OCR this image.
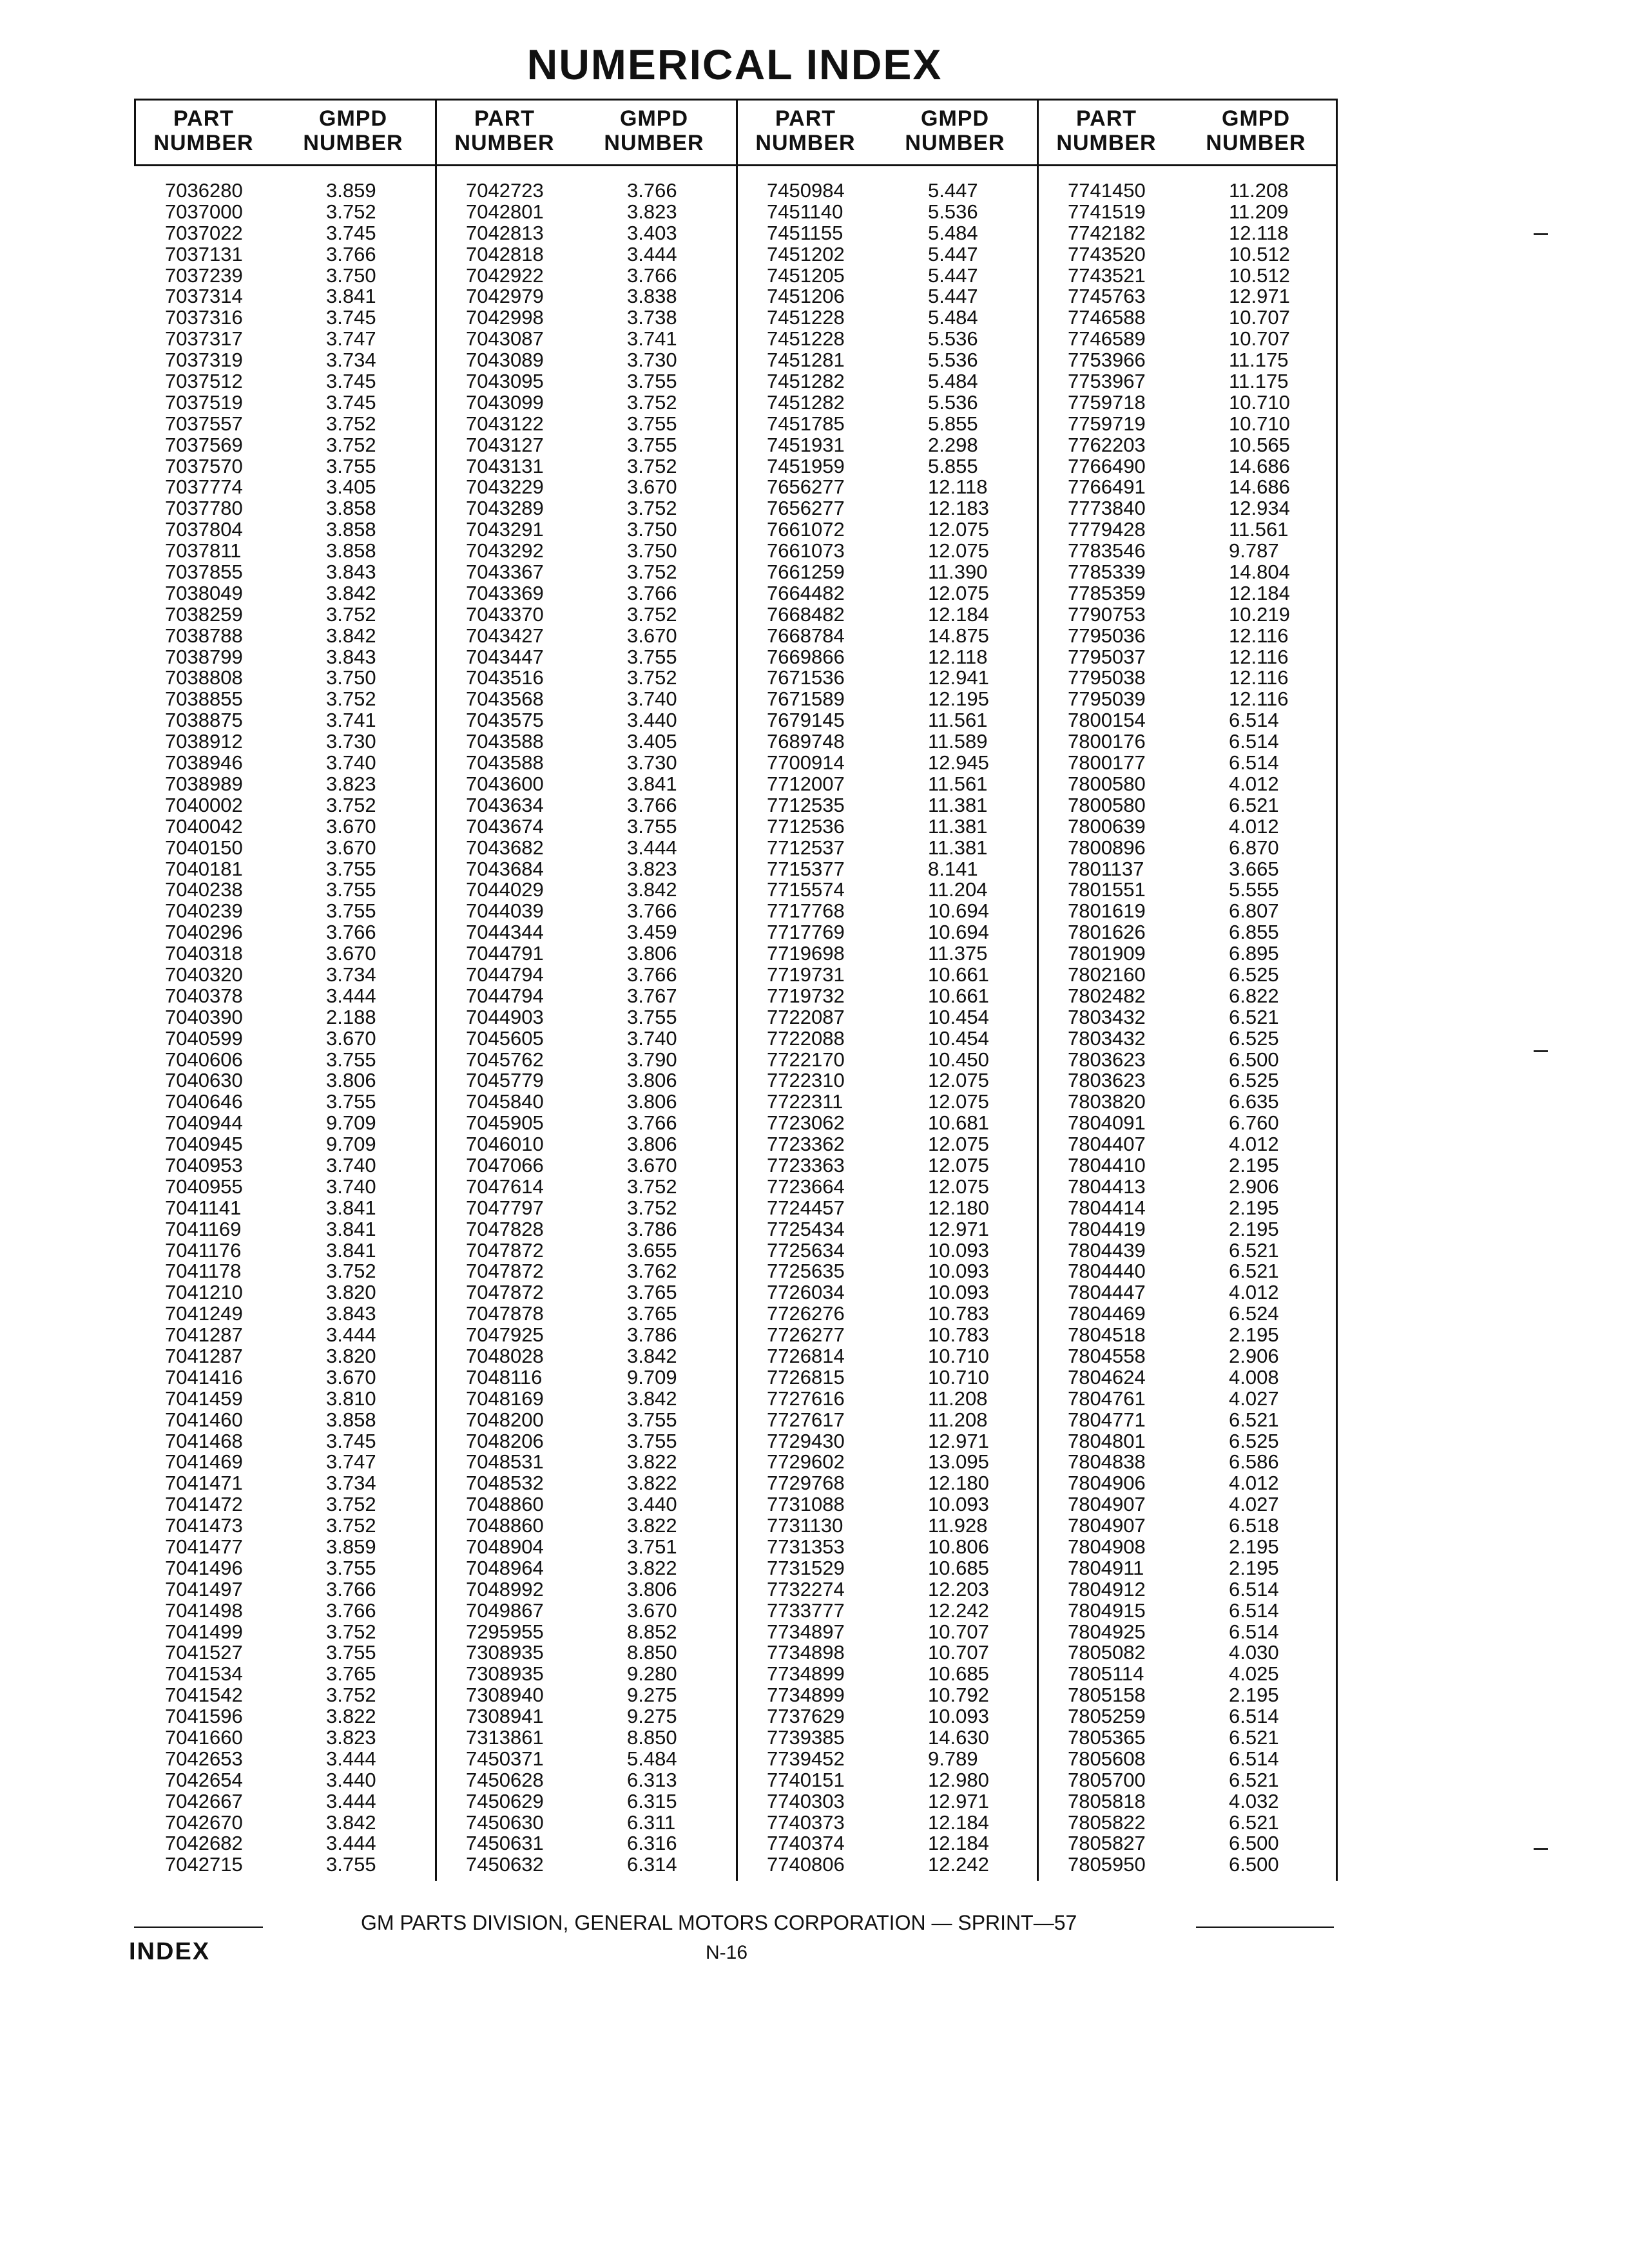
NUMERICAL INDEX
PART
NUMBER
GMPD
NUMBER
7036280	3.859
7037000	3.752
7037022	3.745
7037131	3.766
7037239	3.750
7037314	3.841
7037316	3.745
7037317	3.747
7037319	3.734
7037512	3.745
7037519	3.745
7037557	3.752
7037569	3.752
7037570	3.755
7037774	3.405
7037780	3.858
7037804	3.858
7037811	3.858
7037855	3.843
7038049	3.842
7038259	3.752
7038788	3.842
7038799	3.843
7038808	3.750
7038855	3.752
7038875	3.741
7038912	3.730
7038946	3.740
7038989	3.823
7040002	3.752
7040042	3.670
7040150	3.670
7040181	3.755
7040238	3.755
7040239	3.755
7040296	3.766
7040318	3.670
7040320	3.734
7040378	3.444
7040390	2.188
7040599	3.670
7040606	3.755
7040630	3.806
7040646	3.755
7040944	9.709
7040945	9.709
7040953	3.740
7040955	3.740
7041141	3.841
7041169	3.841
7041176	3.841
7041178	3.752
7041210	3.820
7041249	3.843
7041287	3.444
7041287	3.820
7041416	3.670
7041459	3.810
7041460	3.858
7041468	3.745
7041469	3.747
7041471	3.734
7041472	3.752
7041473	3.752
7041477	3.859
7041496	3.755
7041497	3.766
7041498	3.766
7041499	3.752
7041527	3.755
7041534	3.765
7041542	3.752
7041596	3.822
7041660	3.823
7042653	3.444
7042654	3.440
7042667	3.444
7042670	3.842
7042682	3.444
7042715	3.755
PART
NUMBER
GMPD
NUMBER
7042723	3.766
7042801	3.823
7042813	3.403
7042818	3.444
7042922	3.766
7042979	3.838
7042998	3.738
7043087	3.741
7043089	3.730
7043095	3.755
7043099	3.752
7043122	3.755
7043127	3.755
7043131	3.752
7043229	3.670
7043289	3.752
7043291	3.750
7043292	3.750
7043367	3.752
7043369	3.766
7043370	3.752
7043427	3.670
7043447	3.755
7043516	3.752
7043568	3.740
7043575	3.440
7043588	3.405
7043588	3.730
7043600	3.841
7043634	3.766
7043674	3.755
7043682	3.444
7043684	3.823
7044029	3.842
7044039	3.766
7044344	3.459
7044791	3.806
7044794	3.766
7044794	3.767
7044903	3.755
7045605	3.740
7045762	3.790
7045779	3.806
7045840	3.806
7045905	3.766
7046010	3.806
7047066	3.670
7047614	3.752
7047797	3.752
7047828	3.786
7047872	3.655
7047872	3.762
7047872	3.765
7047878	3.765
7047925	3.786
7048028	3.842
7048116	9.709
7048169	3.842
7048200	3.755
7048206	3.755
7048531	3.822
7048532	3.822
7048860	3.440
7048860	3.822
7048904	3.751
7048964	3.822
7048992	3.806
7049867	3.670
7295955	8.852
7308935	8.850
7308935	9.280
7308940	9.275
7308941	9.275
7313861	8.850
7450371	5.484
7450628	6.313
7450629	6.315
7450630	6.311
7450631	6.316
7450632	6.314
PART
NUMBER
GMPD
NUMBER
7450984	5.447
7451140	5.536
7451155	5.484
7451202	5.447
7451205	5.447
7451206	5.447
7451228	5.484
7451228	5.536
7451281	5.536
7451282	5.484
7451282	5.536
7451785	5.855
7451931	2.298
7451959	5.855
7656277	12.118
7656277	12.183
7661072	12.075
7661073	12.075
7661259	11.390
7664482	12.075
7668482	12.184
7668784	14.875
7669866	12.118
7671536	12.941
7671589	12.195
7679145	11.561
7689748	11.589
7700914	12.945
7712007	11.561
7712535	11.381
7712536	11.381
7712537	11.381
7715377	8.141
7715574	11.204
7717768	10.694
7717769	10.694
7719698	11.375
7719731	10.661
7719732	10.661
7722087	10.454
7722088	10.454
7722170	10.450
7722310	12.075
7722311	12.075
7723062	10.681
7723362	12.075
7723363	12.075
7723664	12.075
7724457	12.180
7725434	12.971
7725634	10.093
7725635	10.093
7726034	10.093
7726276	10.783
7726277	10.783
7726814	10.710
7726815	10.710
7727616	11.208
7727617	11.208
7729430	12.971
7729602	13.095
7729768	12.180
7731088	10.093
7731130	11.928
7731353	10.806
7731529	10.685
7732274	12.203
7733777	12.242
7734897	10.707
7734898	10.707
7734899	10.685
7734899	10.792
7737629	10.093
7739385	14.630
7739452	9.789
7740151	12.980
7740303	12.971
7740373	12.184
7740374	12.184
7740806	12.242
PART
NUMBER
GMPD
NUMBER
7741450	11.208
7741519	11.209
7742182	12.118
7743520	10.512
7743521	10.512
7745763	12.971
7746588	10.707
7746589	10.707
7753966	11.175
7753967	11.175
7759718	10.710
7759719	10.710
7762203	10.565
7766490	14.686
7766491	14.686
7773840	12.934
7779428	11.561
7783546	9.787
7785339	14.804
7785359	12.184
7790753	10.219
7795036	12.116
7795037	12.116
7795038	12.116
7795039	12.116
7800154	6.514
7800176	6.514
7800177	6.514
7800580	4.012
7800580	6.521
7800639	4.012
7800896	6.870
7801137	3.665
7801551	5.555
7801619	6.807
7801626	6.855
7801909	6.895
7802160	6.525
7802482	6.822
7803432	6.521
7803432	6.525
7803623	6.500
7803623	6.525
7803820	6.635
7804091	6.760
7804407	4.012
7804410	2.195
7804413	2.906
7804414	2.195
7804419	2.195
7804439	6.521
7804440	6.521
7804447	4.012
7804469	6.524
7804518	2.195
7804558	2.906
7804624	4.008
7804761	4.027
7804771	6.521
7804801	6.525
7804838	6.586
7804906	4.012
7804907	4.027
7804907	6.518
7804908	2.195
7804911	2.195
7804912	6.514
7804915	6.514
7804925	6.514
7805082	4.030
7805114	4.025
7805158	2.195
7805259	6.514
7805365	6.521
7805608	6.514
7805700	6.521
7805818	4.032
7805822	6.521
7805827	6.500
7805950	6.500
GM PARTS DIVISION, GENERAL MOTORS CORPORATION — SPRINT—57
INDEX	N-16
